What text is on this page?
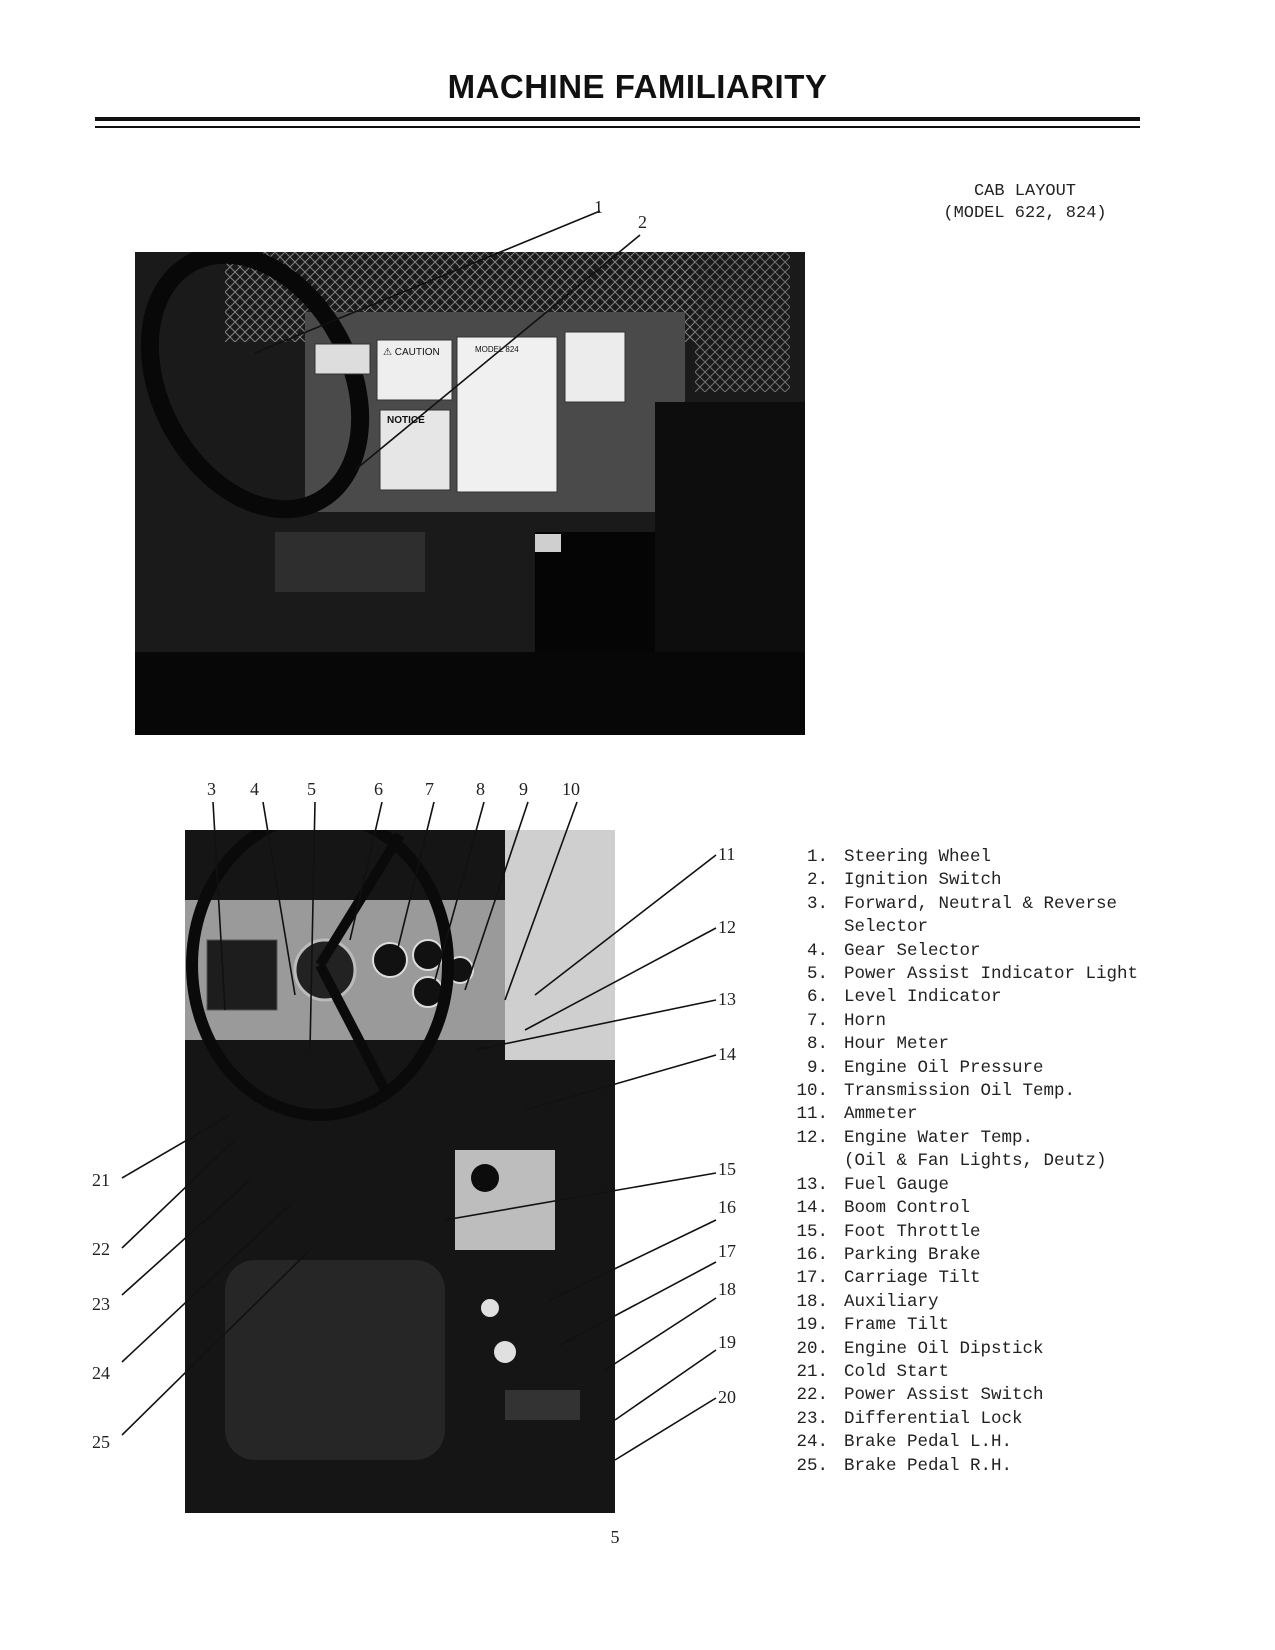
MACHINE FAMILIARITY
CAB LAYOUT
(MODEL 622, 824)
⚠ CAUTION
NOTICE
MODEL 824
1
2
3 4	5	6 7 8 9 10
11
12
13
14
15
16
17
18
19
20
21
22
23
24
25
1. Steering Wheel
2. Ignition Switch
3. Forward, Neutral & Reverse
Selector
4. Gear Selector
5. Power Assist Indicator Light
6. Level Indicator
7. Horn
8. Hour Meter
9. Engine Oil Pressure
10. Transmission Oil Temp.
11. Ammeter
12. Engine Water Temp.
(Oil & Fan Lights, Deutz)
13. Fuel Gauge
14. Boom Control
15. Foot Throttle
16. Parking Brake
17. Carriage Tilt
18. Auxiliary
19. Frame Tilt
20. Engine Oil Dipstick
21. Cold Start
22. Power Assist Switch
23. Differential Lock
24. Brake Pedal L.H.
25. Brake Pedal R.H.
5
